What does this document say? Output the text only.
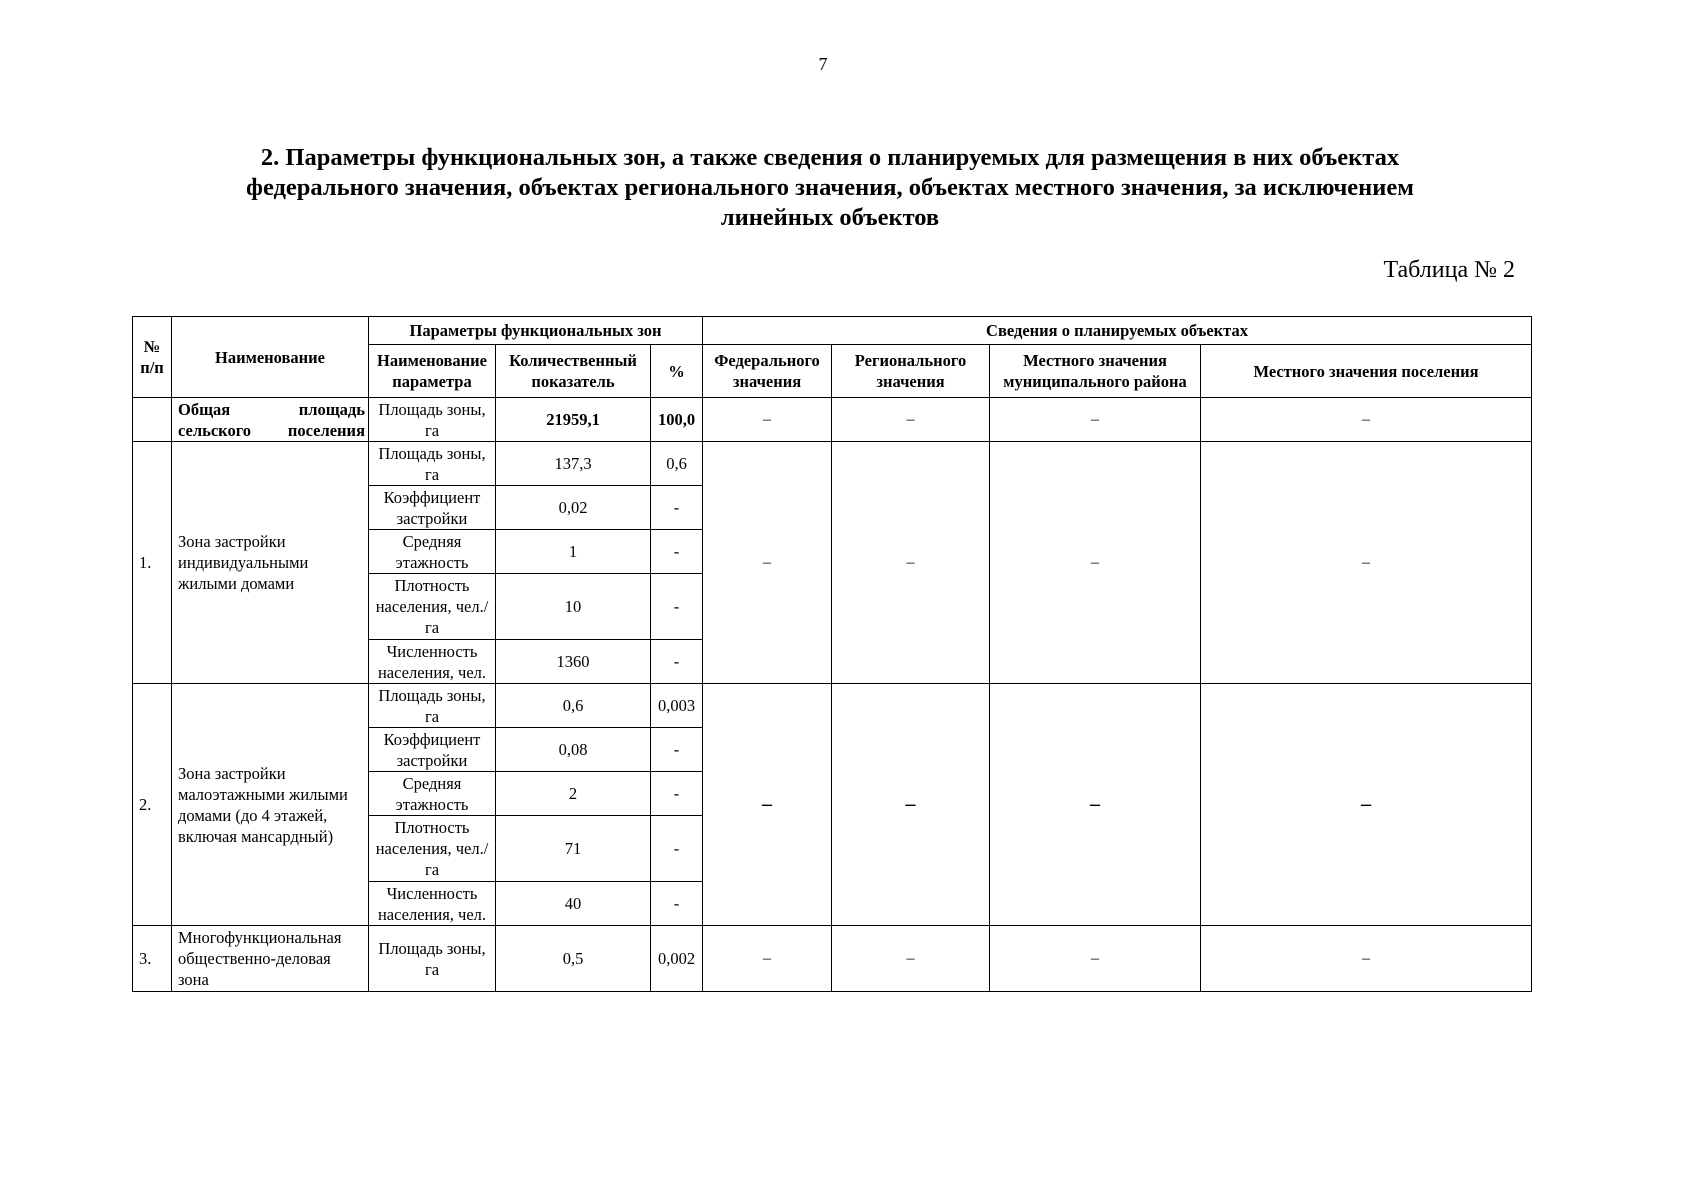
7
2. Параметры функциональных зон, а также сведения о планируемых для размещения в них объектах
федерального значения, объектах регионального значения, объектах местного значения, за исключением
линейных объектов
Таблица № 2
№ п/п	Наименование	Параметры функциональных зон			Сведения о планируемых объектах			
		Наименование параметра	Количественный показатель	%	Федерального значения	Регионального значения	Местного значения муниципального района	Местного значения поселения
	Общая площадь сельского поселения	Площадь зоны, га	21959,1	100,0	–	–	–	–
1.	Зона застройки индивидуальными жилыми домами	Площадь зоны, га	137,3	0,6	–	–	–	–
		Коэффициент застройки	0,02	-				
		Средняя этажность	1	-				
		Плотность населения, чел./га	10	-				
		Численность населения, чел.	1360	-				
2.	Зона застройки малоэтажными жилыми домами (до 4 этажей, включая мансардный)	Площадь зоны, га	0,6	0,003	–	–	–	–
		Коэффициент застройки	0,08	-				
		Средняя этажность	2	-				
		Плотность населения, чел./га	71	-				
		Численность населения, чел.	40	-				
3.	Многофункциональная общественно-деловая зона	Площадь зоны, га	0,5	0,002	–	–	–	–
